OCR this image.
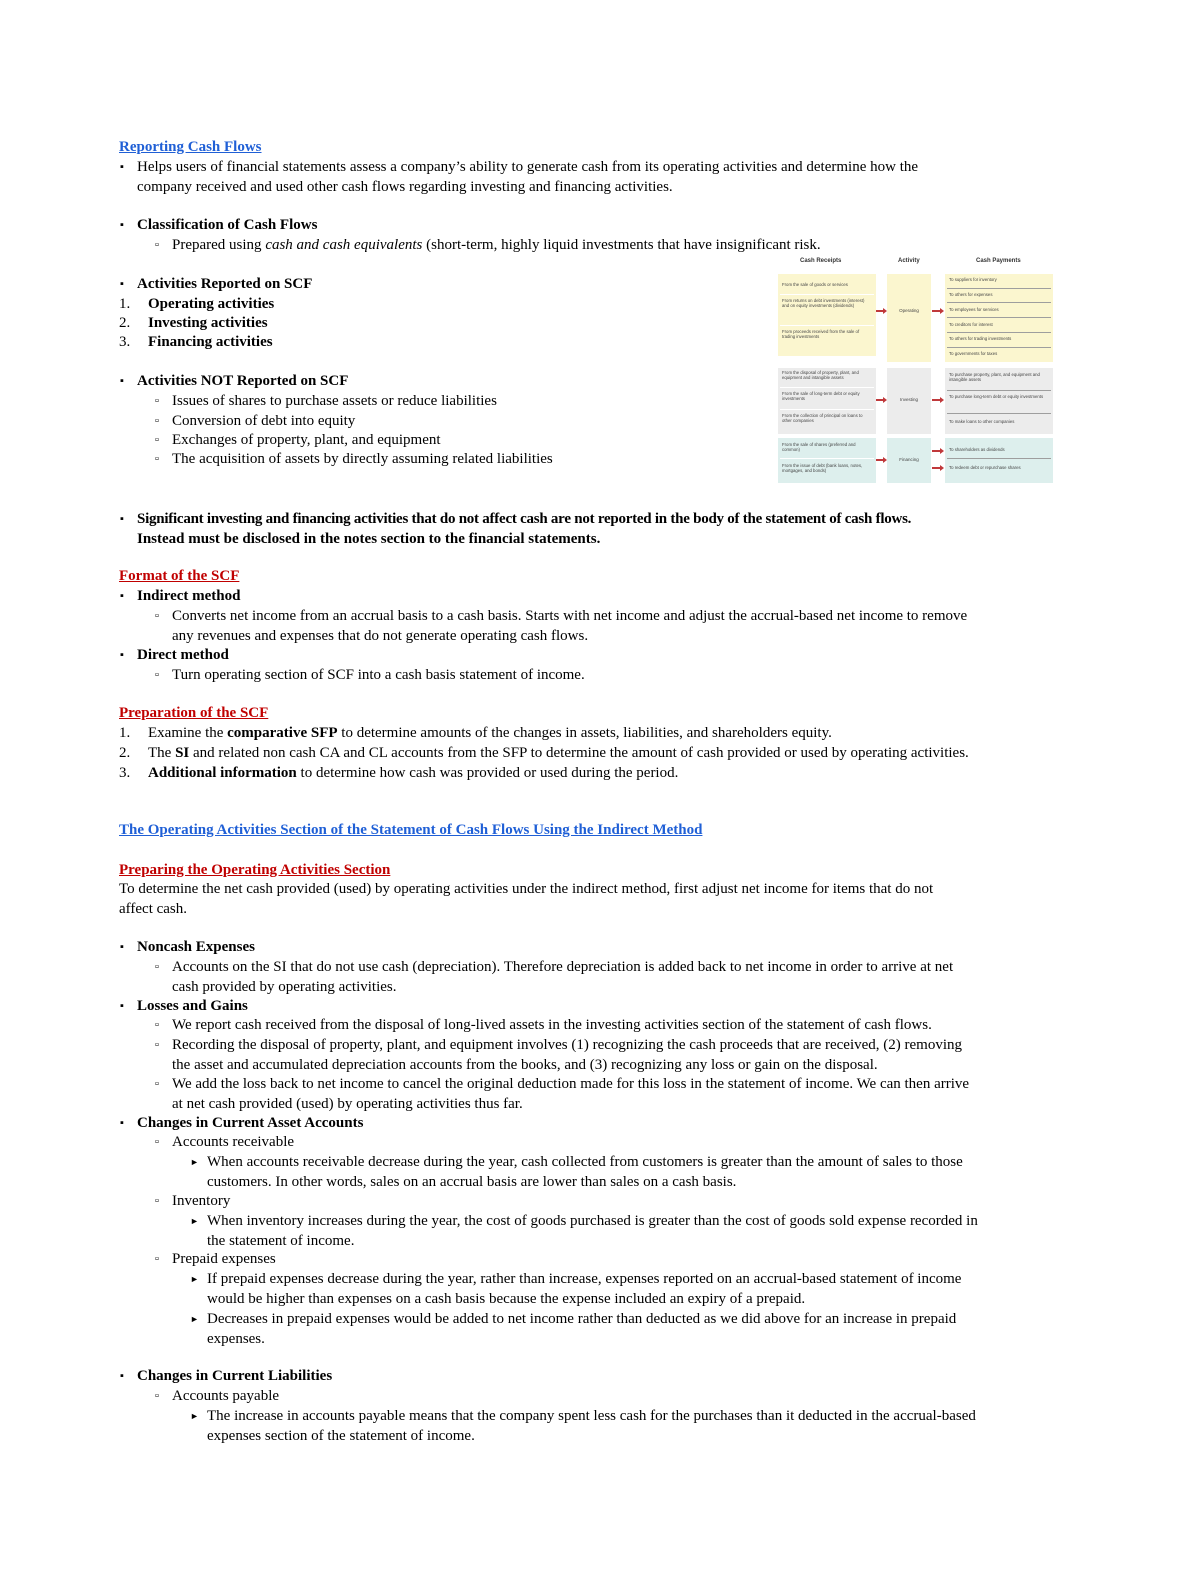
Reporting Cash Flows
▪ Helps users of financial statements assess a company’s ability to generate cash from its operating activities and determine how the
company received and used other cash flows regarding investing and financing activities.
▪ Classification of Cash Flows
▫ Prepared using cash and cash equivalents (short-term, highly liquid investments that have insignificant risk.
▪ Activities Reported on SCF
1. Operating activities
2. Investing activities
3. Financing activities
▪ Activities NOT Reported on SCF
▫ Issues of shares to purchase assets or reduce liabilities
▫ Conversion of debt into equity
▫ Exchanges of property, plant, and equipment
▫ The acquisition of assets by directly assuming related liabilities
▪ Significant investing and financing activities that do not affect cash are not reported in the body of the statement of cash flows.
Instead must be disclosed in the notes section to the financial statements.
Cash Receipts	Activity	Cash Payments
From the sale of goods or services
From returns on debt investments (interest) and on equity investments (dividends)
From proceeds received from the sale of trading investments
Operating
To suppliers for inventory
To others for expenses
To employees for services
To creditors for interest
To others for trading investments
To governments for taxes
From the disposal of property, plant, and equipment and intangible assets
From the sale of long-term debt or equity investments
From the collection of principal on loans to other companies
Investing
To purchase property, plant, and equipment and intangible assets
To purchase long-term debt or equity investments
To make loans to other companies
From the sale of shares (preferred and common)
From the issue of debt (bank loans, notes, mortgages, and bonds)
Financing
To shareholders as dividends
To redeem debt or repurchase shares
Format of the SCF
▪ Indirect method
▫ Converts net income from an accrual basis to a cash basis. Starts with net income and adjust the accrual-based net income to remove
any revenues and expenses that do not generate operating cash flows.
▪ Direct method
▫ Turn operating section of SCF into a cash basis statement of income.
Preparation of the SCF
1. Examine the comparative SFP to determine amounts of the changes in assets, liabilities, and shareholders equity.
2. The SI and related non cash CA and CL accounts from the SFP to determine the amount of cash provided or used by operating activities.
3. Additional information to determine how cash was provided or used during the period.
The Operating Activities Section of the Statement of Cash Flows Using the Indirect Method
Preparing the Operating Activities Section
To determine the net cash provided (used) by operating activities under the indirect method, first adjust net income for items that do not
affect cash.
▪ Noncash Expenses
▫ Accounts on the SI that do not use cash (depreciation). Therefore depreciation is added back to net income in order to arrive at net
cash provided by operating activities.
▪ Losses and Gains
▫ We report cash received from the disposal of long-lived assets in the investing activities section of the statement of cash flows.
▫ Recording the disposal of property, plant, and equipment involves (1) recognizing the cash proceeds that are received, (2) removing
the asset and accumulated depreciation accounts from the books, and (3) recognizing any loss or gain on the disposal.
▫ We add the loss back to net income to cancel the original deduction made for this loss in the statement of income. We can then arrive
at net cash provided (used) by operating activities thus far.
▪ Changes in Current Asset Accounts
▫ Accounts receivable
► When accounts receivable decrease during the year, cash collected from customers is greater than the amount of sales to those
customers. In other words, sales on an accrual basis are lower than sales on a cash basis.
▫ Inventory
► When inventory increases during the year, the cost of goods purchased is greater than the cost of goods sold expense recorded in
the statement of income.
▫ Prepaid expenses
► If prepaid expenses decrease during the year, rather than increase, expenses reported on an accrual-based statement of income
would be higher than expenses on a cash basis because the expense included an expiry of a prepaid.
► Decreases in prepaid expenses would be added to net income rather than deducted as we did above for an increase in prepaid
expenses.
▪ Changes in Current Liabilities
▫ Accounts payable
► The increase in accounts payable means that the company spent less cash for the purchases than it deducted in the accrual-based
expenses section of the statement of income.
